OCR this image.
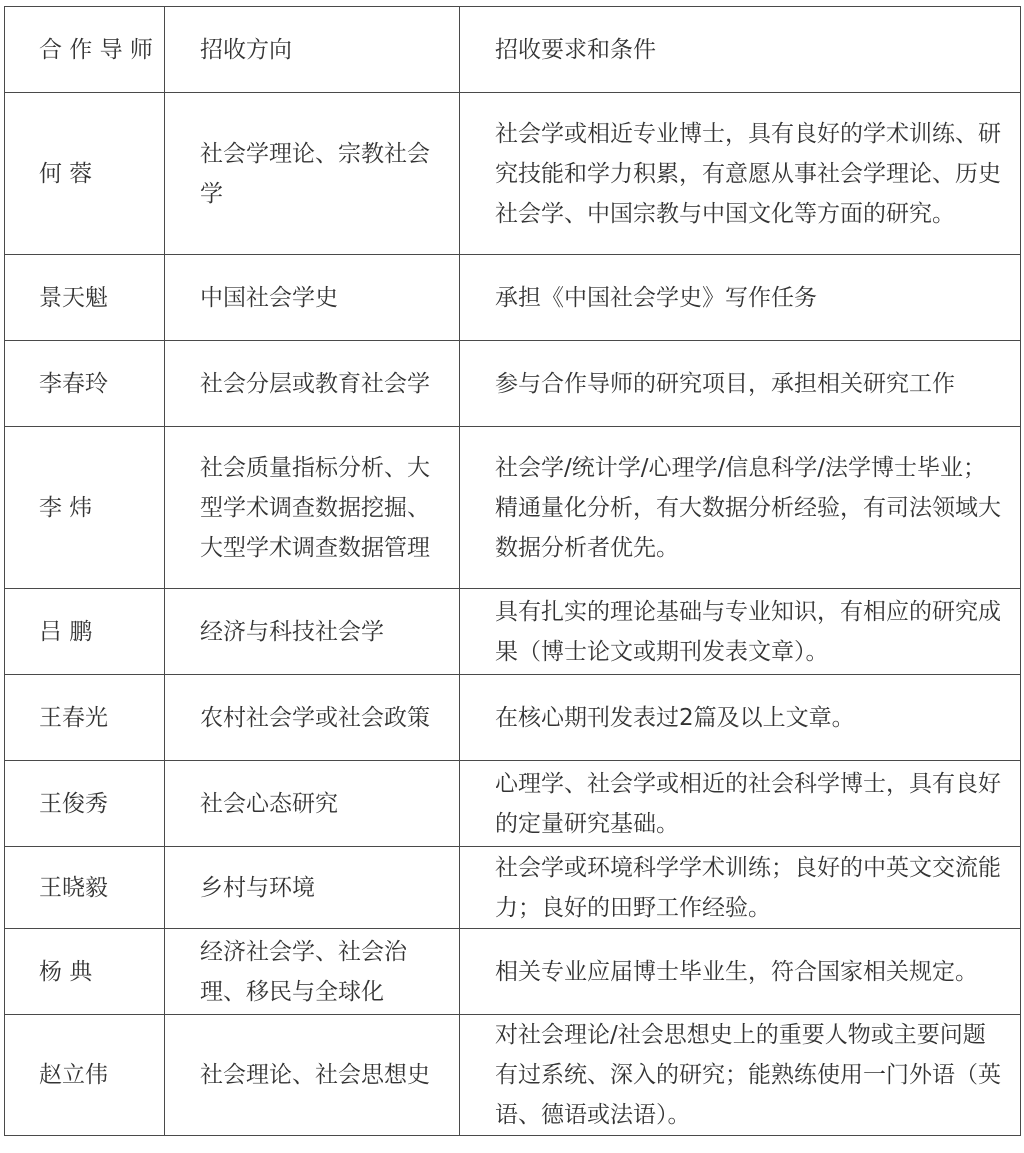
合 作 导 师	招收方向	招收要求和条件

何 蓉	社会学理论、宗教社会学	社会学或相近专业博士，具有良好的学术训练、研究技能和学力积累，有意愿从事社会学理论、历史社会学、中国宗教与中国文化等方面的研究。

景天魁	中国社会学史	承担《中国社会学史》写作任务

李春玲	社会分层或教育社会学	参与合作导师的研究项目，承担相关研究工作

李 炜	社会质量指标分析、大型学术调查数据挖掘、大型学术调查数据管理	社会学/统计学/心理学/信息科学/法学博士毕业；精通量化分析，有大数据分析经验，有司法领域大数据分析者优先。

吕 鹏	经济与科技社会学	具有扎实的理论基础与专业知识，有相应的研究成果（博士论文或期刊发表文章）。

王春光	农村社会学或社会政策	在核心期刊发表过2篇及以上文章。

王俊秀	社会心态研究	心理学、社会学或相近的社会科学博士，具有良好的定量研究基础。

王晓毅	乡村与环境	社会学或环境科学学术训练；良好的中英文交流能力；良好的田野工作经验。

杨 典	经济社会学、社会治理、移民与全球化	相关专业应届博士毕业生，符合国家相关规定。

赵立伟	社会理论、社会思想史	对社会理论/社会思想史上的重要人物或主要问题有过系统、深入的研究；能熟练使用一门外语（英语、德语或法语）。
